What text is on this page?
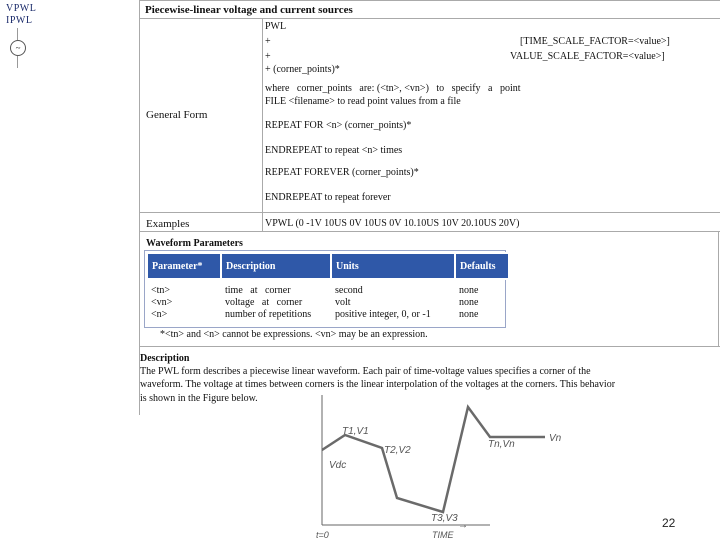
VPWL
IPWL
~
Piecewise-linear voltage and current sources
General Form
PWL
+	[TIME_SCALE_FACTOR=<value>]
+	VALUE_SCALE_FACTOR=<value>]
+ (corner_points)*
where   corner_points   are: (<tn>, <vn>)   to   specify   a   point
FILE <filename> to read point values from a file
REPEAT FOR <n> (corner_points)*
ENDREPEAT to repeat <n> times
REPEAT FOREVER (corner_points)*
ENDREPEAT to repeat forever
Examples	VPWL (0 -1V 10US 0V 10US 0V 10.10US 10V 20.10US 20V)
Waveform Parameters
Parameter*	Description	Units	Defaults
<tn>	time   at   corner	second	none
<vn>	voltage   at   corner	volt	none
<n>	number of repetitions	positive integer, 0, or -1	none
*<tn> and <n> cannot be expressions. <vn> may be an expression.
Description
The PWL form describes a piecewise linear waveform. Each pair of time-voltage values specifies a corner of the
waveform. The voltage at times between corners is the linear interpolation of the voltages at the corners. This behavior
is shown in the Figure below.
T1,V1
T2,V2
Vdc
T3,V3
Tn,Vn
Vn
t=0	TIME
→	22
